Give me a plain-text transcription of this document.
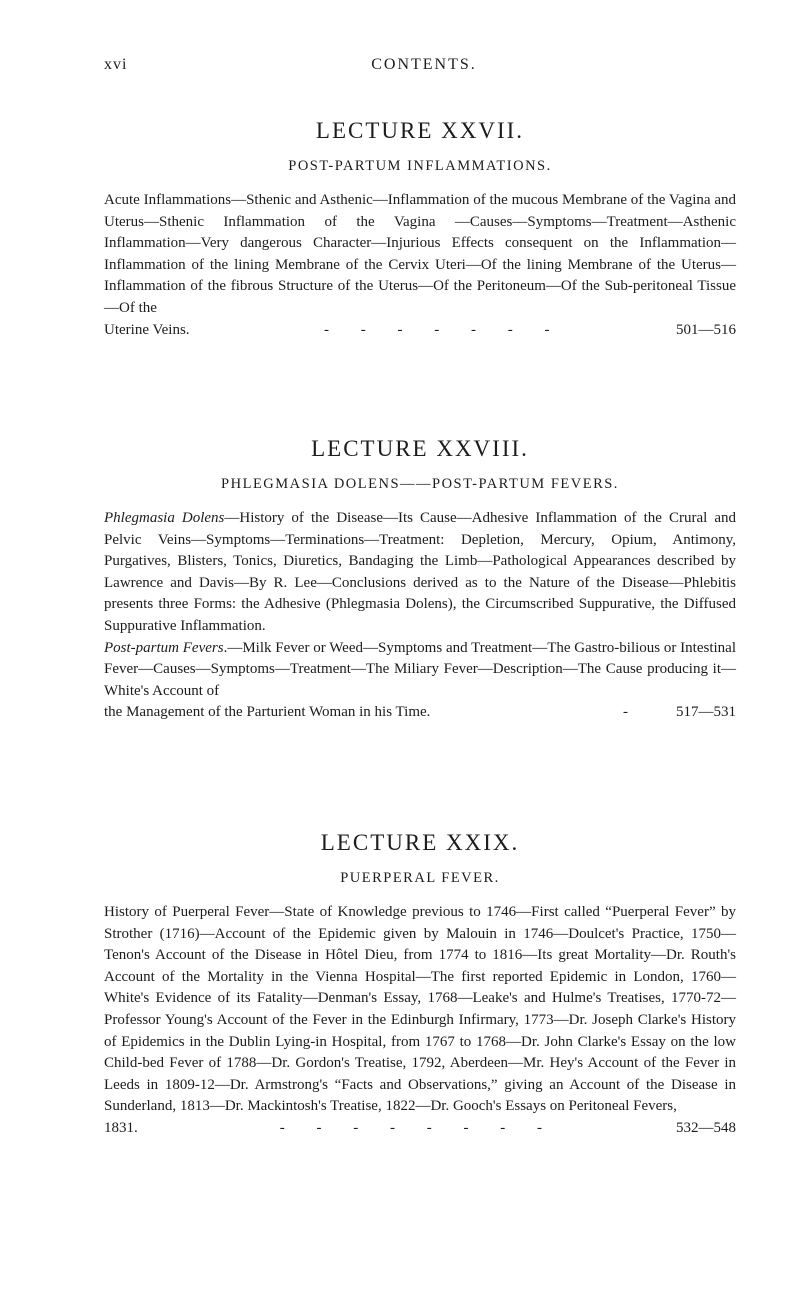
xvi	CONTENTS.
LECTURE XXVII.
POST-PARTUM INFLAMMATIONS.

Acute Inflammations—Sthenic and Asthenic—Inflammation of the mucous Membrane of the Vagina and Uterus—Sthenic Inflammation of the Vagina —Causes—Symptoms—Treatment—Asthenic Inflammation—Very dangerous Character—Injurious Effects consequent on the Inflammation—Inflammation of the lining Membrane of the Cervix Uteri—Of the lining Membrane of the Uterus—Inflammation of the fibrous Structure of the Uterus—Of the Peritoneum—Of the Sub-peritoneal Tissue—Of the

Uterine Veins.	- - - - - - -	501—516
LECTURE XXVIII.
PHLEGMASIA DOLENS——POST-PARTUM FEVERS.

Phlegmasia Dolens—History of the Disease—Its Cause—Adhesive Inflammation of the Crural and Pelvic Veins—Symptoms—Terminations—Treatment: Depletion, Mercury, Opium, Antimony, Purgatives, Blisters, Tonics, Diuretics, Bandaging the Limb—Pathological Appearances described by Lawrence and Davis—By R. Lee—Conclusions derived as to the Nature of the Disease—Phlebitis presents three Forms: the Adhesive (Phlegmasia Dolens), the Circumscribed Suppurative, the Diffused Suppurative Inflammation.

Post-partum Fevers.—Milk Fever or Weed—Symptoms and Treatment—The Gastro-bilious or Intestinal Fever—Causes—Symptoms—Treatment—The Miliary Fever—Description—The Cause producing it—White's Account of

the Management of the Parturient Woman in his Time.	- 517—531
LECTURE XXIX.
PUERPERAL FEVER.

History of Puerperal Fever—State of Knowledge previous to 1746—First called “Puerperal Fever” by Strother (1716)—Account of the Epidemic given by Malouin in 1746—Doulcet's Practice, 1750—Tenon's Account of the Disease in Hôtel Dieu, from 1774 to 1816—Its great Mortality—Dr. Routh's Account of the Mortality in the Vienna Hospital—The first reported Epidemic in London, 1760—White's Evidence of its Fatality—Denman's Essay, 1768—Leake's and Hulme's Treatises, 1770-72—Professor Young's Account of the Fever in the Edinburgh Infirmary, 1773—Dr. Joseph Clarke's History of Epidemics in the Dublin Lying-in Hospital, from 1767 to 1768—Dr. John Clarke's Essay on the low Child-bed Fever of 1788—Dr. Gordon's Treatise, 1792, Aberdeen—Mr. Hey's Account of the Fever in Leeds in 1809-12—Dr. Armstrong's “Facts and Observations,” giving an Account of the Disease in Sunderland, 1813—Dr. Mackintosh's Treatise, 1822—Dr. Gooch's Essays on Peritoneal Fevers,

1831.	- - - - - - - -	532—548
